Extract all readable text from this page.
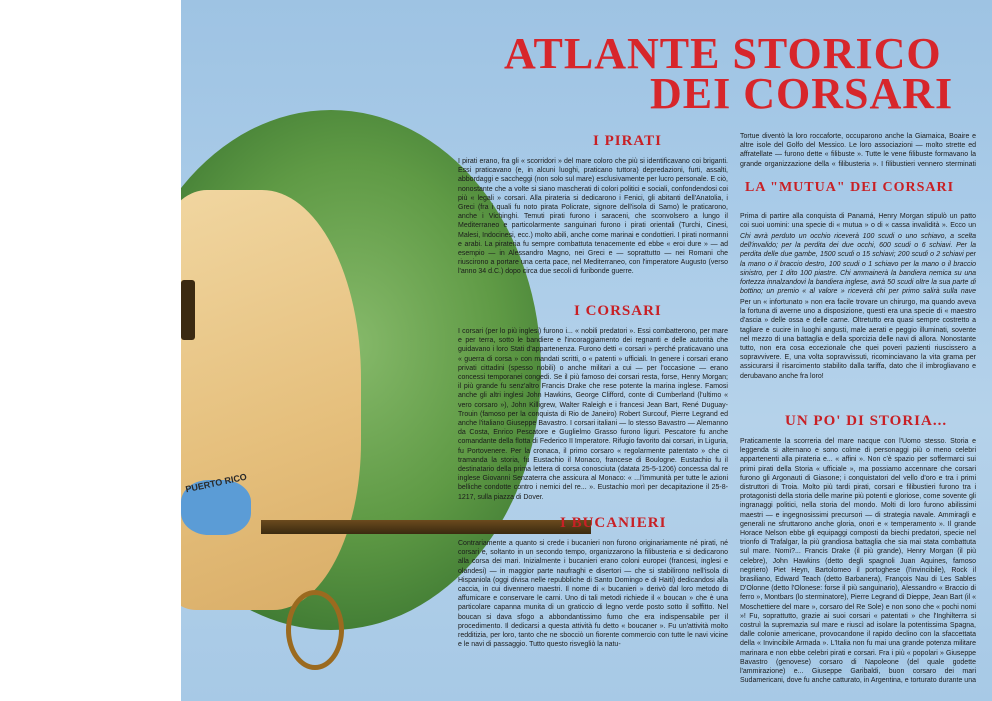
PUERTO RICO
ATLANTE STORICO
DEI CORSARI
I PIRATI
I pirati erano, fra gli « scorridori » del mare coloro che più si identificavano coi briganti. Essi praticavano (e, in alcuni luoghi, praticano tuttora) depredazioni, furti, assalti, abbordaggi e saccheggi (non solo sul mare) esclusivamente per lucro personale. E ciò, nonostante che a volte si siano mascherati di colori politici e sociali, confondendosi coi più « legali » corsari. Alla pirateria si dedicarono i Fenici, gli abitanti dell'Anatolia, i Greci (fra i quali fu noto pirata Policrate, signore dell'isola di Samo) le praticarono, anche i Vichinghi. Temuti pirati furono i saraceni, che sconvolsero a lungo il Mediterraneo e particolarmente sanguinari furono i pirati orientali (Turchi, Cinesi, Malesi, Indocinesi, ecc.) molto abili, anche come marinai e condottieri. I pirati normanni e arabi. La pirateria fu sempre combattuta tenacemente ed ebbe « eroi dure » — ad esempio — in Alessandro Magno, nei Greci e — soprattutto — nei Romani che riuscirono a portare una certa pace, nel Mediterraneo, con l'imperatore Augusto (verso l'anno 34 d.C.) dopo circa due secoli di furibonde guerre.
I CORSARI
I corsari (per lo più inglesi) furono i... « nobili predatori ». Essi combatterono, per mare e per terra, sotto le bandiere e l'incoraggiamento dei regnanti e delle autorità che guidavano i loro Stati d'appartenenza. Furono detti « corsari » perché praticavano una « guerra di corsa » con mandati scritti, o « patenti » ufficiali. In genere i corsari erano privati cittadini (spesso nobili) o anche militari a cui — per l'occasione — erano concessi temporanei congedi. Se il più famoso dei corsari resta, forse, Henry Morgan; il più grande fu senz'altro Francis Drake che rese potente la marina inglese. Famosi anche gli altri inglesi John Hawkins, George Clifford, conte di Cumberland (l'ultimo « vero corsaro »), John Killigrew, Walter Raleigh e i francesi Jean Bart, René Duguay-Trouin (famoso per la conquista di Rio de Janeiro) Robert Surcouf, Pierre Legrand ed anche l'italiano Giuseppe Bavastro. I corsari italiani — lo stesso Bavastro — Alemanno da Costa, Enrico Pescatore e Guglielmo Grasso furono liguri. Pescatore fu anche comandante della flotta di Federico II Imperatore. Rifugio favorito dai corsari, in Liguria, fu Portovenere. Per la cronaca, il primo corsaro « regolarmente patentato » che ci tramanda la storia, fu Eustachio il Monaco, francese di Boulogne. Eustachio fu il destinatario della prima lettera di corsa conosciuta (datata 25-5-1206) concessa dal re inglese Giovanni Senzaterra che assicura al Monaco: « ...l'immunità per tutte le azioni belliche condotte contro i nemici del re... ». Eustachio morì per decapitazione il 25-8-1217, sulla piazza di Dover.
I BUCANIERI
Contrariamente a quanto si crede i bucanieri non furono originariamente né pirati, né corsari e, soltanto in un secondo tempo, organizzarono la filibusteria e si dedicarono alla corsa dei mari. Inizialmente i bucanieri erano coloni europei (francesi, inglesi e olandesi) — in maggior parte naufraghi e disertori — che si stabilirono nell'isola di Hispaniola (oggi divisa nelle repubbliche di Santo Domingo e di Haiti) dedicandosi alla caccia, in cui divennero maestri. Il nome di « bucanieri » derivò dal loro metodo di affumicare e conservare le carni. Uno di tali metodi richiede il « boucan » che è una particolare capanna munita di un graticcio di legno verde posto sotto il soffitto. Nel boucan si dava sfogo a abbondantissimo fumo che era indispensabile per il procedimento. Il dedicarsi a questa attività fu detto « boucaner ». Fu un'attività molto redditizia, per loro, tanto che ne sbocciò un fiorente commercio con tutte le navi vicine e le navi di passaggio. Tutto questo risvegliò la natu-
Tortue diventò la loro roccaforte, occuparono anche la Giamaica, Boaire e altre isole del Golfo del Messico. Le loro associazioni — molto strette ed affratellate — furono dette « filibuste ». Tutte le vene filibuste formavano la grande organizzazione della « filibusteria ». I filibustieri vennero sterminati
LA "MUTUA" DEI CORSARI
Prima di partire alla conquista di Panamá, Henry Morgan stipulò un patto coi suoi uomini: una specie di « mutua » o di « cassa invalidità ». Ecco un
Chi avrà perduto un occhio riceverà 100 scudi o uno schiavo, a scelta dell'invalido; per la perdita dei due occhi, 600 scudi o 6 schiavi. Per la perdita delle due gambe, 1500 scudi o 15 schiavi; 200 scudi o 2 schiavi per la mano o il braccio destro, 100 scudi o 1 schiavo per la mano o il braccio sinistro, per 1 dito 100 piastre. Chi ammainerà la bandiera nemica su una fortezza innalzandovi la bandiera inglese, avrà 50 scudi oltre la sua parte di bottino; un premio « al valore » riceverà chi per primo salirà sulla nave
Per un « infortunato » non era facile trovare un chirurgo, ma quando aveva la fortuna di averne uno a disposizione, questi era una specie di « maestro d'ascia » delle ossa e delle carne. Oltretutto era quasi sempre costretto a tagliare e cucire in luoghi angusti, male aerati e peggio illuminati, sovente nel mezzo di una battaglia e della sporcizia delle navi di allora. Nonostante tutto, non era cosa eccezionale che quei poveri pazienti riuscissero a sopravvivere. E, una volta sopravvissuti, ricominciavano la vita grama per assicurarsi il risarcimento stabilito dalla tariffa, dato che il imbrogliavano e derubavano anche fra loro!
UN PO' DI STORIA...
Praticamente la scorreria del mare nacque con l'Uomo stesso. Storia e leggenda si alternano e sono colme di personaggi più o meno celebri appartenenti alla pirateria e... « affini ». Non c'è spazio per soffermarci sui primi pirati della Storia « ufficiale », ma possiamo accennare che corsari furono gli Argonauti di Giasone; i conquistatori del vello d'oro e tra i primi distruttori di Troia. Molto più tardi pirati, corsari e filibustieri furono tra i protagonisti della storia delle marine più potenti e gloriose, come sovente gli ingranaggi politici, nella storia del mondo. Molti di loro furono abilissimi maestri — e ingegnosissimi precursori — di strategia navale. Ammiragli e generali ne sfruttarono anche gloria, onori e « temperamento ». Il grande Horace Nelson ebbe gli equipaggi composti da biechi predatori, specie nel trionfo di Trafalgar, la più grandiosa battaglia che sia mai stata combattuta sul mare. Nomi?... Francis Drake (il più grande), Henry Morgan (il più celebre), John Hawkins (detto degli spagnoli Juan Aquines, famoso negriero) Piet Heyn, Bartolomeo il portoghese (l'invincibile), Rock il brasiliano, Edward Teach (detto Barbanera), François Nau di Les Sables D'Olonne (detto l'Olonese: forse il più sanguinario), Alessandro « Braccio di ferro », Montbars (lo sterminatore), Pierre Legrand di Dieppe, Jean Bart (il « Moschettiere del mare », corsaro del Re Sole) e non sono che « pochi nomi »! Fu, soprattutto, grazie ai suoi corsari « patentati » che l'Inghilterra si costruì la supremazia sul mare e riuscì ad isolare la potentissima Spagna, dalle colonie americane, provocandone il rapido declino con la sfaccettata della « Invincibile Armada ». L'Italia non fu mai una grande potenza militare marinara e non ebbe celebri pirati e corsari. Fra i più « popolari » Giuseppe Bavastro (genovese) corsaro di Napoleone (del quale godette l'ammirazione) e... Giuseppe Garibaldi, buon corsaro dei mari Sudamericani, dove fu anche catturato, in Argentina, e torturato durante una
